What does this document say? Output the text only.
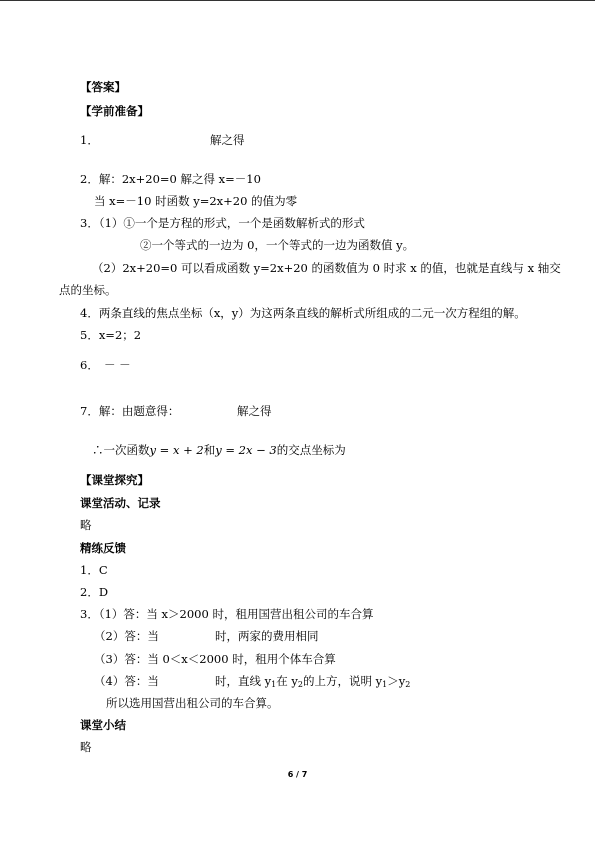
【答案】
【学前准备】
1．	解之得
2．解：2x+20=0 解之得 x=－10
当 x=－10 时函数 y=2x+20 的值为零
3．（1）①一个是方程的形式，一个是函数解析式的形式
②一个等式的一边为 0，一个等式的一边为函数值 y。
（2）2x+20=0 可以看成函数 y=2x+20 的函数值为 0 时求 x 的值，也就是直线与 x 轴交
点的坐标。
4．两条直线的焦点坐标（x，y）为这两条直线的解析式所组成的二元一次方程组的解。
5．x=2；2
6． － －
7．解：由题意得：	解之得
∴一次函数y = x + 2和y = 2x − 3的交点坐标为
【课堂探究】
课堂活动、记录
略
精练反馈
1．C
2．D
3．（1）答：当 x＞2000 时，租用国营出租公司的车合算
（2）答：当	时，两家的费用相同
（3）答：当 0＜x＜2000 时，租用个体车合算
（4）答：当	时，直线 $y_1$在 $y_2$的上方，说明 $y_1>y_2$
所以选用国营出租公司的车合算。
课堂小结
略
6 / 7
